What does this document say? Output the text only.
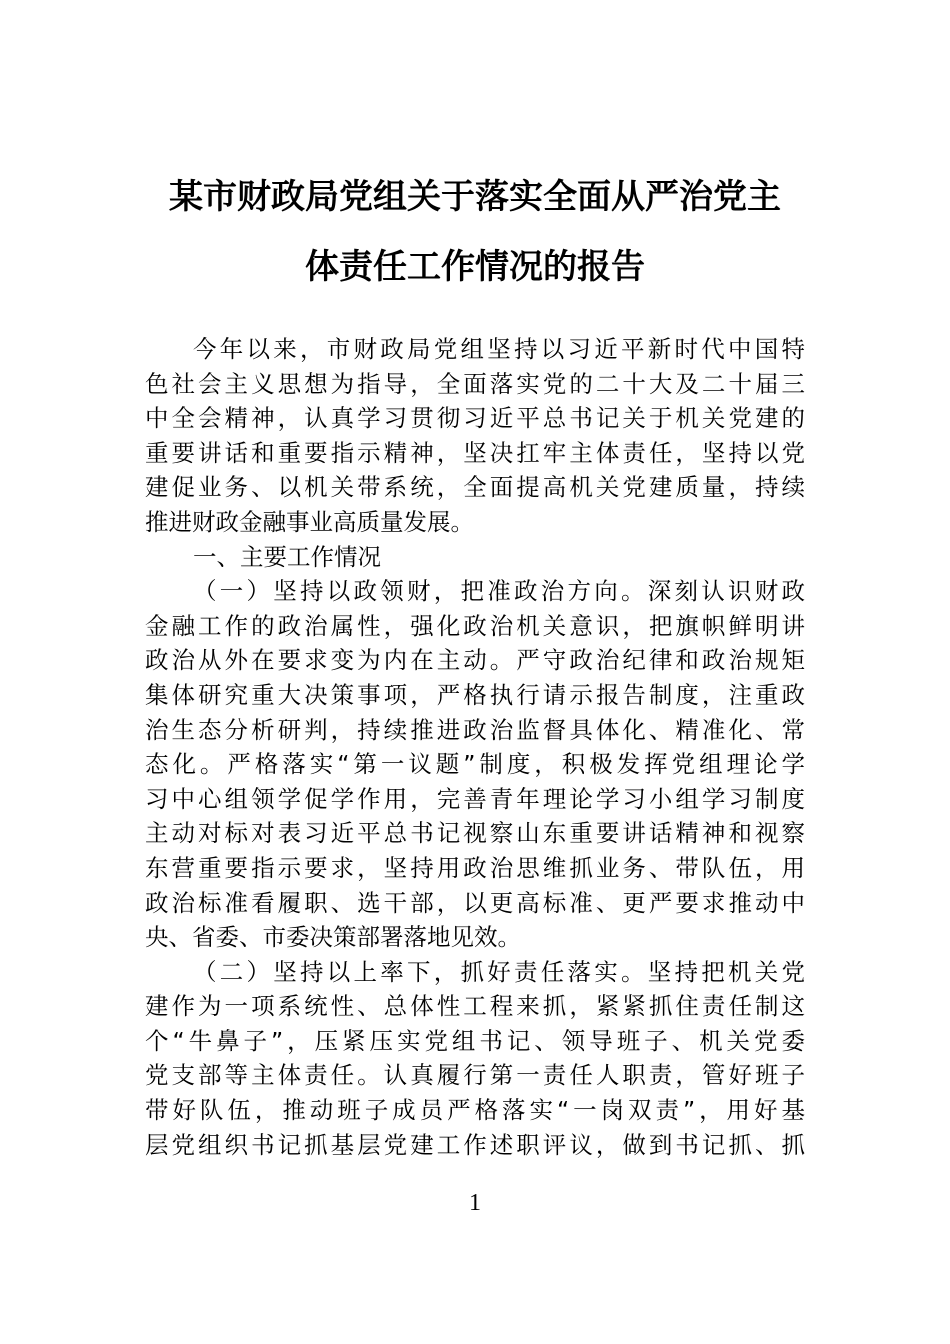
某市财政局党组关于落实全面从严治党主
体责任工作情况的报告
今年以来，市财政局党组坚持以习近平新时代中国特
色社会主义思想为指导，全面落实党的二十大及二十届三
中全会精神，认真学习贯彻习近平总书记关于机关党建的
重要讲话和重要指示精神，坚决扛牢主体责任，坚持以党
建促业务、以机关带系统，全面提高机关党建质量，持续
推进财政金融事业高质量发展。
一、主要工作情况
（一）坚持以政领财，把准政治方向。深刻认识财政
金融工作的政治属性，强化政治机关意识，把旗帜鲜明讲
政治从外在要求变为内在主动。严守政治纪律和政治规矩
集体研究重大决策事项，严格执行请示报告制度，注重政
治生态分析研判，持续推进政治监督具体化、精准化、常
态化。严格落实“第一议题”制度，积极发挥党组理论学
习中心组领学促学作用，完善青年理论学习小组学习制度
主动对标对表习近平总书记视察山东重要讲话精神和视察
东营重要指示要求，坚持用政治思维抓业务、带队伍，用
政治标准看履职、选干部，以更高标准、更严要求推动中
央、省委、市委决策部署落地见效。
（二）坚持以上率下，抓好责任落实。坚持把机关党
建作为一项系统性、总体性工程来抓，紧紧抓住责任制这
个“牛鼻子”，压紧压实党组书记、领导班子、机关党委
党支部等主体责任。认真履行第一责任人职责，管好班子
带好队伍，推动班子成员严格落实“一岗双责”，用好基
层党组织书记抓基层党建工作述职评议，做到书记抓、抓
1
